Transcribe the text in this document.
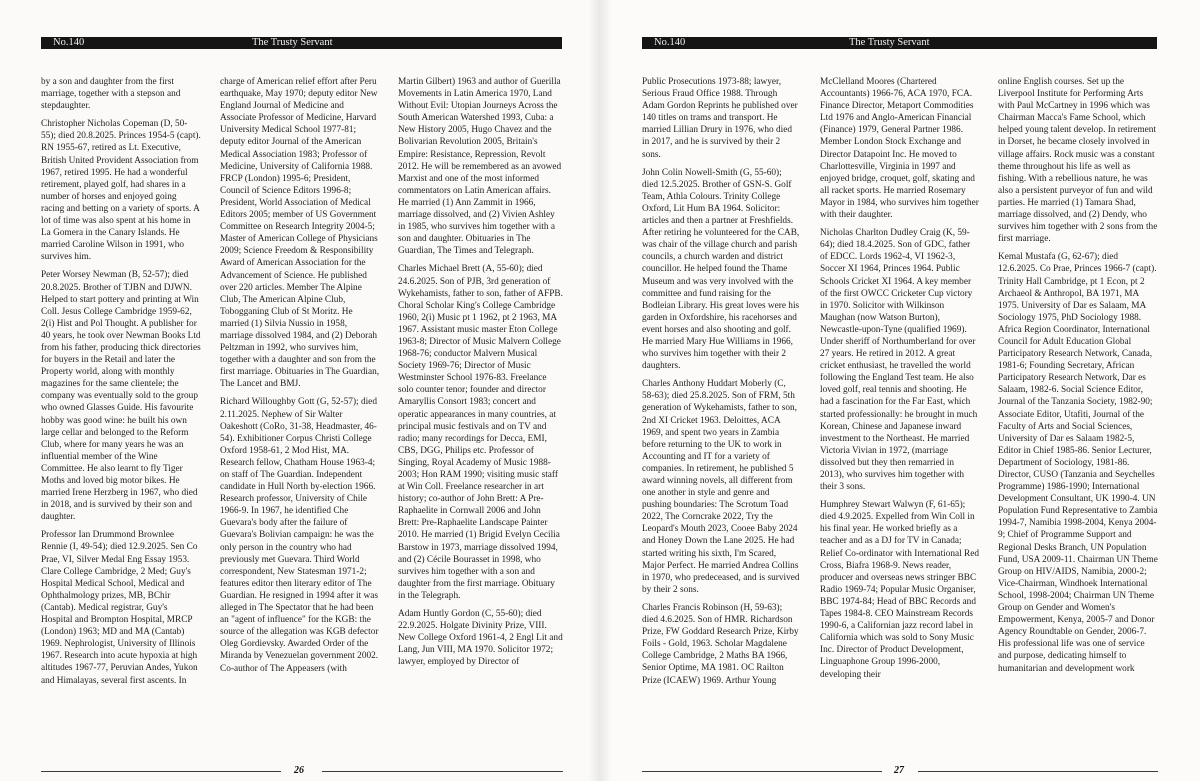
No.140	The Trusty Servant

by a son and daughter from the first marriage, together with a stepson and stepdaughter.

Christopher Nicholas Copeman (D, 50-55); died 20.8.2025. Princes 1954-5 (capt). RN 1955-67, retired as Lt. Executive, British United Provident Association from 1967, retired 1995. He had a wonderful retirement, played golf, had shares in a number of horses and enjoyed going racing and betting on a variety of sports. A lot of time was also spent at his home in La Gomera in the Canary Islands. He married Caroline Wilson in 1991, who survives him.

Peter Worsey Newman (B, 52-57); died 20.8.2025. Brother of TJBN and DJWN. Helped to start pottery and printing at Win Coll. Jesus College Cambridge 1959-62, 2(i) Hist and Pol Thought. A publisher for 40 years, he took over Newman Books Ltd from his father, producing thick directories for buyers in the Retail and later the Property world, along with monthly magazines for the same clientele; the company was eventually sold to the group who owned Glasses Guide. His favourite hobby was good wine: he built his own large cellar and belonged to the Reform Club, where for many years he was an influential member of the Wine Committee. He also learnt to fly Tiger Moths and loved big motor bikes. He married Irene Herzberg in 1967, who died in 2018, and is survived by their son and daughter.

Professor Ian Drummond Brownlee Rennie (I, 49-54); died 12.9.2025. Sen Co Prae, VI, Silver Medal Eng Essay 1953. Clare College Cambridge, 2 Med; Guy's Hospital Medical School, Medical and Ophthalmology prizes, MB, BChir (Cantab). Medical registrar, Guy's Hospital and Brompton Hospital, MRCP (London) 1963; MD and MA (Cantab) 1969. Nephrologist, University of Illinois 1967. Research into acute hypoxia at high altitudes 1967-77, Peruvian Andes, Yukon and Himalayas, several first ascents. In

charge of American relief effort after Peru earthquake, May 1970; deputy editor New England Journal of Medicine and Associate Professor of Medicine, Harvard University Medical School 1977-81; deputy editor Journal of the American Medical Association 1983; Professor of Medicine, University of California 1988. FRCP (London) 1995-6; President, Council of Science Editors 1996-8; President, World Association of Medical Editors 2005; member of US Government Committee on Research Integrity 2004-5; Master of American College of Physicians 2009; Science Freedom & Responsibility Award of American Association for the Advancement of Science. He published over 220 articles. Member The Alpine Club, The American Alpine Club, Tobogganing Club of St Moritz. He married (1) Silvia Nussio in 1958, marriage dissolved 1984, and (2) Deborah Peltzman in 1992, who survives him, together with a daughter and son from the first marriage. Obituaries in The Guardian, The Lancet and BMJ.

Richard Willoughby Gott (G, 52-57); died 2.11.2025. Nephew of Sir Walter Oakeshott (CoRo, 31-38, Headmaster, 46-54). Exhibitioner Corpus Christi College Oxford 1958-61, 2 Mod Hist, MA. Research fellow, Chatham House 1963-4; on staff of The Guardian. Independent candidate in Hull North by-election 1966. Research professor, University of Chile 1966-9. In 1967, he identified Che Guevara's body after the failure of Guevara's Bolivian campaign: he was the only person in the country who had previously met Guevara. Third World correspondent, New Statesman 1971-2; features editor then literary editor of The Guardian. He resigned in 1994 after it was alleged in The Spectator that he had been an "agent of influence" for the KGB: the source of the allegation was KGB defector Oleg Gordievsky. Awarded Order of the Miranda by Venezuelan government 2002. Co-author of The Appeasers (with

Martin Gilbert) 1963 and author of Guerilla Movements in Latin America 1970, Land Without Evil: Utopian Journeys Across the South American Watershed 1993, Cuba: a New History 2005, Hugo Chavez and the Bolivarian Revolution 2005, Britain's Empire: Resistance, Repression, Revolt 2012. He will be remembered as an avowed Marxist and one of the most informed commentators on Latin American affairs. He married (1) Ann Zammit in 1966, marriage dissolved, and (2) Vivien Ashley in 1985, who survives him together with a son and daughter. Obituaries in The Guardian, The Times and Telegraph.

Charles Michael Brett (A, 55-60); died 24.6.2025. Son of PJB, 3rd generation of Wykehamists, father to son, father of AFPB. Choral Scholar King's College Cambridge 1960, 2(i) Music pt 1 1962, pt 2 1963, MA 1967. Assistant music master Eton College 1963-8; Director of Music Malvern College 1968-76; conductor Malvern Musical Society 1969-76; Director of Music Westminster School 1976-83. Freelance solo counter tenor; founder and director Amaryllis Consort 1983; concert and operatic appearances in many countries, at principal music festivals and on TV and radio; many recordings for Decca, EMI, CBS, DGG, Philips etc. Professor of Singing, Royal Academy of Music 1988-2003; Hon RAM 1990; visiting music staff at Win Coll. Freelance researcher in art history; co-author of John Brett: A Pre-Raphaelite in Cornwall 2006 and John Brett: Pre-Raphaelite Landscape Painter 2010. He married (1) Brigid Evelyn Cecilia Barstow in 1973, marriage dissolved 1994, and (2) Cécile Bourasset in 1998, who survives him together with a son and daughter from the first marriage. Obituary in the Telegraph.

Adam Huntly Gordon (C, 55-60); died 22.9.2025. Holgate Divinity Prize, VIII. New College Oxford 1961-4, 2 Engl Lit and Lang, Jun VIII, MA 1970. Solicitor 1972; lawyer, employed by Director of

26
No.140	The Trusty Servant

Public Prosecutions 1973-88; lawyer, Serious Fraud Office 1988. Through Adam Gordon Reprints he published over 140 titles on trams and transport. He married Lillian Drury in 1976, who died in 2017, and he is survived by their 2 sons.

John Colin Nowell-Smith (G, 55-60); died 12.5.2025. Brother of GSN-S. Golf Team, Athla Colours. Trinity College Oxford, Lit Hum BA 1964. Solicitor: articles and then a partner at Freshfields. After retiring he volunteered for the CAB, was chair of the village church and parish councils, a church warden and district councillor. He helped found the Thame Museum and was very involved with the committee and fund raising for the Bodleian Library. His great loves were his garden in Oxfordshire, his racehorses and event horses and also shooting and golf. He married Mary Hue Williams in 1966, who survives him together with their 2 daughters.

Charles Anthony Huddart Moberly (C, 58-63); died 25.8.2025. Son of FRM, 5th generation of Wykehamists, father to son, 2nd XI Cricket 1963. Deloittes, ACA 1969, and spent two years in Zambia before returning to the UK to work in Accounting and IT for a variety of companies. In retirement, he published 5 award winning novels, all different from one another in style and genre and pushing boundaries: The Scrotum Toad 2022, The Corncrake 2022, Try the Leopard's Mouth 2023, Cooee Baby 2024 and Honey Down the Lane 2025. He had started writing his sixth, I'm Scared, Major Perfect. He married Andrea Collins in 1970, who predeceased, and is survived by their 2 sons.

Charles Francis Robinson (H, 59-63); died 4.6.2025. Son of HMR. Richardson Prize, FW Goddard Research Prize, Kirby Foils - Gold, 1963. Scholar Magdalene College Cambridge, 2 Maths BA 1966, Senior Optime, MA 1981. OC Railton Prize (ICAEW) 1969. Arthur Young

McClelland Moores (Chartered Accountants) 1966-76, ACA 1970, FCA. Finance Director, Metaport Commodities Ltd 1976 and Anglo-American Financial (Finance) 1979, General Partner 1986. Member London Stock Exchange and Director Datapoint Inc. He moved to Charlottesville, Virginia in 1997 and enjoyed bridge, croquet, golf, skating and all racket sports. He married Rosemary Mayor in 1984, who survives him together with their daughter.

Nicholas Charlton Dudley Craig (K, 59-64); died 18.4.2025. Son of GDC, father of EDCC. Lords 1962-4, VI 1962-3, Soccer XI 1964, Princes 1964. Public Schools Cricket XI 1964. A key member of the first OWCC Cricketer Cup victory in 1970. Solicitor with Wilkinson Maughan (now Watson Burton), Newcastle-upon-Tyne (qualified 1969). Under sheriff of Northumberland for over 27 years. He retired in 2012. A great cricket enthusiast, he travelled the world following the England Test team. He also loved golf, real tennis and shooting. He had a fascination for the Far East, which started professionally: he brought in much Korean, Chinese and Japanese inward investment to the Northeast. He married Victoria Vivian in 1972, (marriage dissolved but they then remarried in 2013), who survives him together with their 3 sons.

Humphrey Stewart Walwyn (F, 61-65); died 4.9.2025. Expelled from Win Coll in his final year. He worked briefly as a teacher and as a DJ for TV in Canada; Relief Co-ordinator with International Red Cross, Biafra 1968-9. News reader, producer and overseas news stringer BBC Radio 1969-74; Popular Music Organiser, BBC 1974-84; Head of BBC Records and Tapes 1984-8. CEO Mainstream Records 1990-6, a Californian jazz record label in California which was sold to Sony Music Inc. Director of Product Development, Linguaphone Group 1996-2000, developing their

online English courses. Set up the Liverpool Institute for Performing Arts with Paul McCartney in 1996 which was Chairman Macca's Fame School, which helped young talent develop. In retirement in Dorset, he became closely involved in village affairs. Rock music was a constant theme throughout his life as well as fishing. With a rebellious nature, he was also a persistent purveyor of fun and wild parties. He married (1) Tamara Shad, marriage dissolved, and (2) Dendy, who survives him together with 2 sons from the first marriage.

Kemal Mustafa (G, 62-67); died 12.6.2025. Co Prae, Princes 1966-7 (capt). Trinity Hall Cambridge, pt 1 Econ, pt 2 Archaeol & Anthropol, BA 1971, MA 1975. University of Dar es Salaam, MA Sociology 1975, PhD Sociology 1988. Africa Region Coordinator, International Council for Adult Education Global Participatory Research Network, Canada, 1981-6; Founding Secretary, African Participatory Research Network, Dar es Salaam, 1982-6. Social Science Editor, Journal of the Tanzania Society, 1982-90; Associate Editor, Utafiti, Journal of the Faculty of Arts and Social Sciences, University of Dar es Salaam 1982-5, Editor in Chief 1985-86. Senior Lecturer, Department of Sociology, 1981-86. Director, CUSO (Tanzania and Seychelles Programme) 1986-1990; International Development Consultant, UK 1990-4. UN Population Fund Representative to Zambia 1994-7, Namibia 1998-2004, Kenya 2004-9; Chief of Programme Support and Regional Desks Branch, UN Population Fund, USA 2009-11. Chairman UN Theme Group on HIV/AIDS, Namibia, 2000-2; Vice-Chairman, Windhoek International School, 1998-2004; Chairman UN Theme Group on Gender and Women's Empowerment, Kenya, 2005-7 and Donor Agency Roundtable on Gender, 2006-7. His professional life was one of service and purpose, dedicating himself to humanitarian and development work

27
